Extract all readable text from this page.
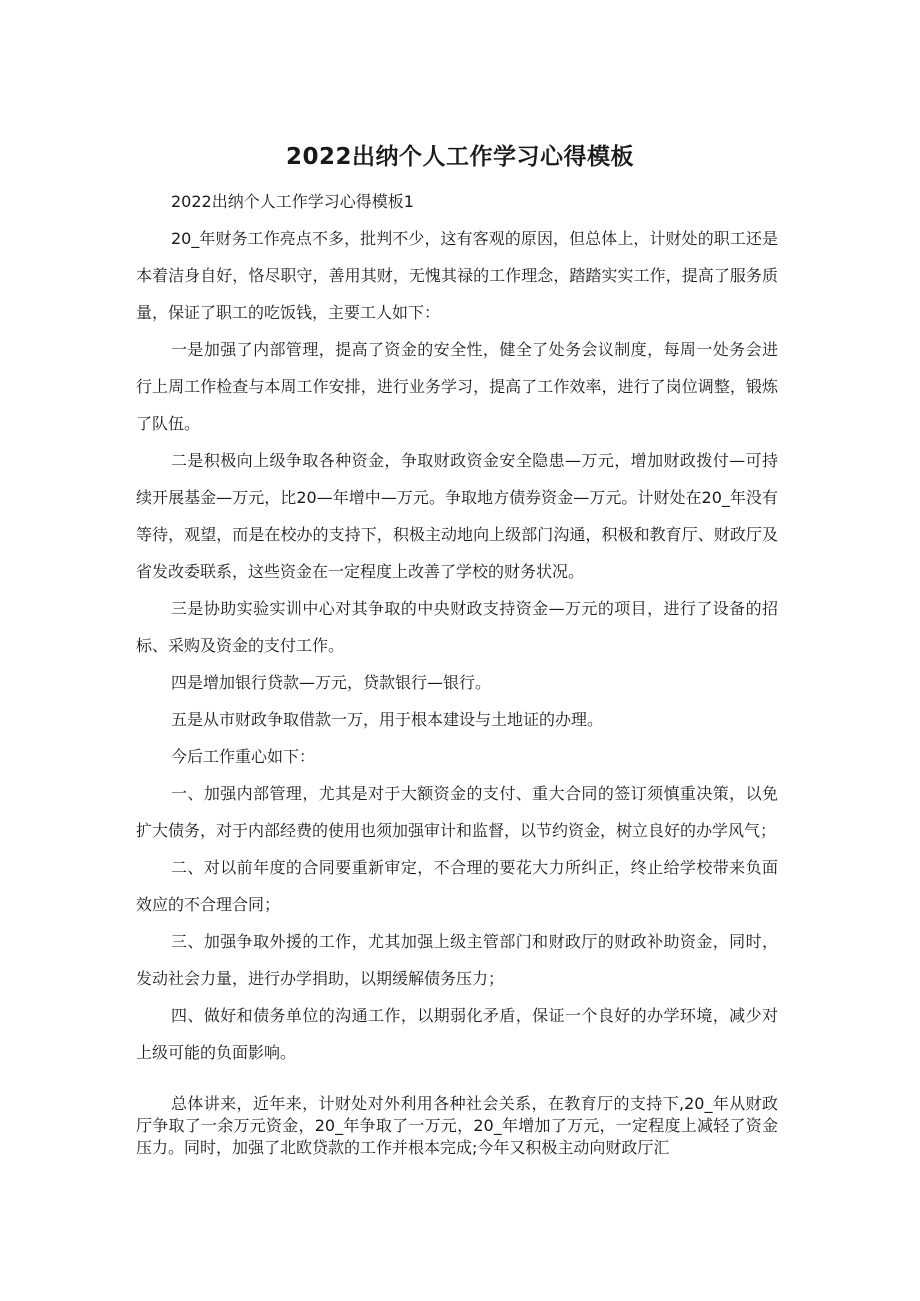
2022出纳个人工作学习心得模板

2022出纳个人工作学习心得模板1

20_年财务工作亮点不多，批判不少，这有客观的原因，但总体上，计财处的职工还是本着洁身自好，恪尽职守，善用其财，无愧其禄的工作理念，踏踏实实工作，提高了服务质量，保证了职工的吃饭钱，主要工人如下：

一是加强了内部管理，提高了资金的安全性，健全了处务会议制度，每周一处务会进行上周工作检查与本周工作安排，进行业务学习，提高了工作效率，进行了岗位调整，锻炼了队伍。

二是积极向上级争取各种资金，争取财政资金安全隐患—万元，增加财政拨付—可持续开展基金—万元，比20—年增中—万元。争取地方债券资金—万元。计财处在20_年没有等待，观望，而是在校办的支持下，积极主动地向上级部门沟通，积极和教育厅、财政厅及省发改委联系，这些资金在一定程度上改善了学校的财务状况。

三是协助实验实训中心对其争取的中央财政支持资金—万元的项目，进行了设备的招标、采购及资金的支付工作。

四是增加银行贷款—万元，贷款银行—银行。

五是从市财政争取借款一万，用于根本建设与土地证的办理。

今后工作重心如下：

一、加强内部管理，尤其是对于大额资金的支付、重大合同的签订须慎重决策，以免扩大债务，对于内部经费的使用也须加强审计和监督，以节约资金，树立良好的办学风气；

二、对以前年度的合同要重新审定，不合理的要花大力所纠正，终止给学校带来负面效应的不合理合同；

三、加强争取外援的工作，尤其加强上级主管部门和财政厅的财政补助资金，同时，发动社会力量，进行办学捐助，以期缓解债务压力；

四、做好和债务单位的沟通工作，以期弱化矛盾，保证一个良好的办学环境，减少对上级可能的负面影响。

总体讲来，近年来，计财处对外利用各种社会关系，在教育厅的支持下,20_年从财政厅争取了一余万元资金，20_年争取了一万元，20_年增加了万元，一定程度上减轻了资金压力。同时，加强了北欧贷款的工作并根本完成;今年又积极主动向财政厅汇
